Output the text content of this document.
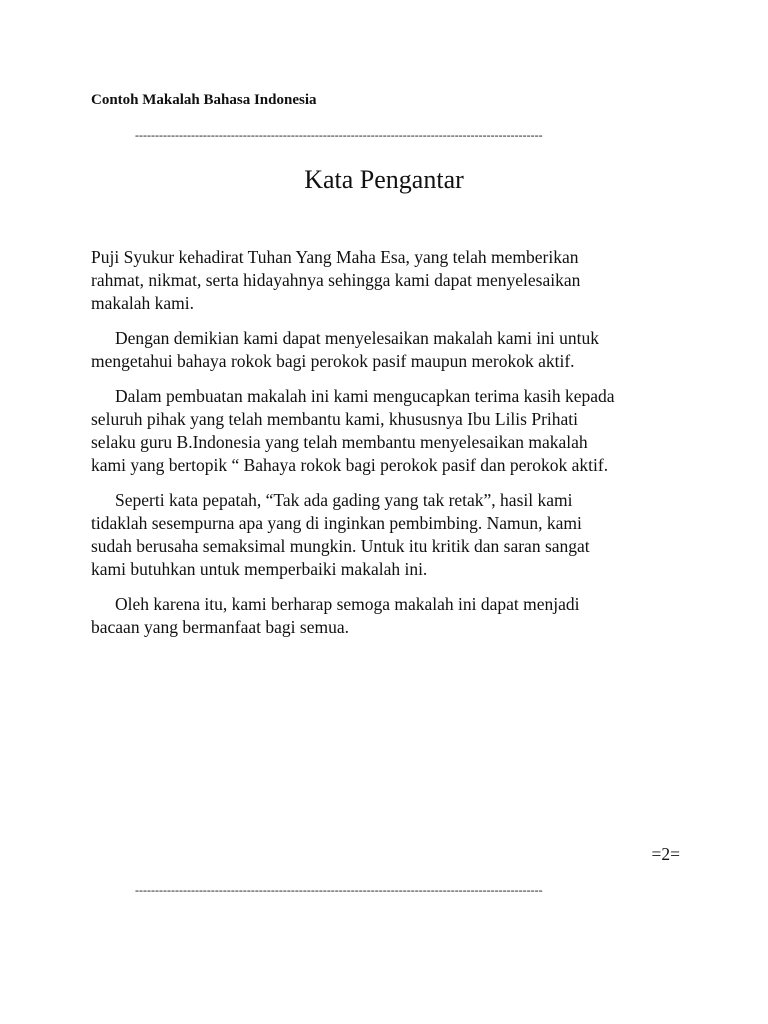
Contoh Makalah Bahasa Indonesia
------------------------------------------------------------------------------------------------------
Kata Pengantar

Puji Syukur kehadirat Tuhan Yang Maha Esa, yang telah memberikan
rahmat, nikmat, serta hidayahnya sehingga kami dapat menyelesaikan
makalah kami.

Dengan demikian kami dapat menyelesaikan makalah kami ini untuk
mengetahui bahaya rokok bagi perokok pasif maupun merokok aktif.

Dalam pembuatan makalah ini kami mengucapkan terima kasih kepada
seluruh pihak yang telah membantu kami, khususnya Ibu Lilis Prihati
selaku guru B.Indonesia yang telah membantu menyelesaikan makalah
kami yang bertopik “ Bahaya rokok bagi perokok pasif dan perokok aktif.

Seperti kata pepatah, “Tak ada gading yang tak retak”, hasil kami
tidaklah sesempurna apa yang di inginkan pembimbing. Namun, kami
sudah berusaha semaksimal mungkin. Untuk itu kritik dan saran sangat
kami butuhkan untuk memperbaiki makalah ini.

Oleh karena itu, kami berharap semoga makalah ini dapat menjadi
bacaan yang bermanfaat bagi semua.

=2=
------------------------------------------------------------------------------------------------------
